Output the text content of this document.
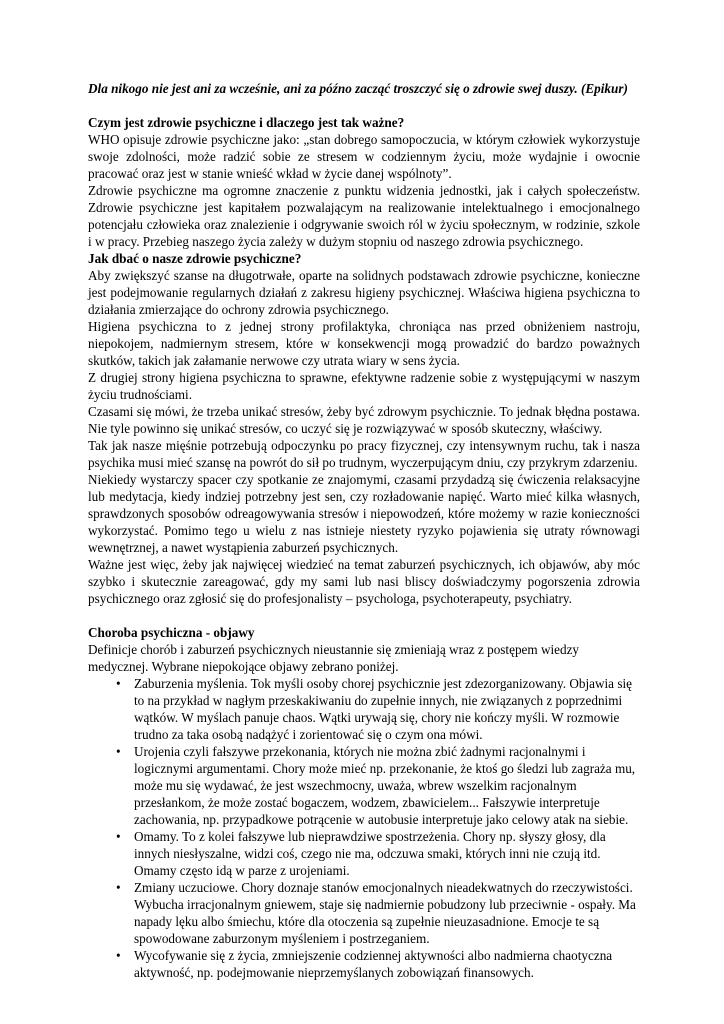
Dla nikogo nie jest ani za wcześnie, ani za późno zacząć troszczyć się o zdrowie swej duszy. (Epikur)
Czym jest zdrowie psychiczne i dlaczego jest tak ważne?

WHO opisuje zdrowie psychiczne jako: „stan dobrego samopoczucia, w którym człowiek wykorzystuje swoje zdolności, może radzić sobie ze stresem w codziennym życiu, może wydajnie i owocnie pracować oraz jest w stanie wnieść wkład w życie danej wspólnoty”.

Zdrowie psychiczne ma ogromne znaczenie z punktu widzenia jednostki, jak i całych społeczeństw. Zdrowie psychiczne jest kapitałem pozwalającym na realizowanie intelektualnego i emocjonalnego potencjału człowieka oraz znalezienie i odgrywanie swoich ról w życiu społecznym, w rodzinie, szkole i w pracy. Przebieg naszego życia zależy w dużym stopniu od naszego zdrowia psychicznego.

Jak dbać o nasze zdrowie psychiczne?

Aby zwiększyć szanse na długotrwałe, oparte na solidnych podstawach zdrowie psychiczne, konieczne jest podejmowanie regularnych działań z zakresu higieny psychicznej. Właściwa higiena psychiczna to działania zmierzające do ochrony zdrowia psychicznego.

Higiena psychiczna to z jednej strony profilaktyka, chroniąca nas przed obniżeniem nastroju, niepokojem, nadmiernym stresem, które w konsekwencji mogą prowadzić do bardzo poważnych skutków, takich jak załamanie nerwowe czy utrata wiary w sens życia.

Z drugiej strony higiena psychiczna to sprawne, efektywne radzenie sobie z występującymi w naszym życiu trudnościami.

Czasami się mówi, że trzeba unikać stresów, żeby być zdrowym psychicznie. To jednak błędna postawa. Nie tyle powinno się unikać stresów, co uczyć się je rozwiązywać w sposób skuteczny, właściwy.

Tak jak nasze mięśnie potrzebują odpoczynku po pracy fizycznej, czy intensywnym ruchu, tak i nasza psychika musi mieć szansę na powrót do sił po trudnym, wyczerpującym dniu, czy przykrym zdarzeniu.

Niekiedy wystarczy spacer czy spotkanie ze znajomymi, czasami przydadzą się ćwiczenia relaksacyjne lub medytacja, kiedy indziej potrzebny jest sen, czy rozładowanie napięć. Warto mieć kilka własnych, sprawdzonych sposobów odreagowywania stresów i niepowodzeń, które możemy w razie konieczności wykorzystać. Pomimo tego u wielu z nas istnieje niestety ryzyko pojawienia się utraty równowagi wewnętrznej, a nawet wystąpienia zaburzeń psychicznych.

Ważne jest więc, żeby jak najwięcej wiedzieć na temat zaburzeń psychicznych, ich objawów, aby móc szybko i skutecznie zareagować, gdy my sami lub nasi bliscy doświadczymy pogorszenia zdrowia psychicznego oraz zgłosić się do profesjonalisty – psychologa, psychoterapeuty, psychiatry.

Choroba psychiczna - objawy

Definicje chorób i zaburzeń psychicznych nieustannie się zmieniają wraz z postępem wiedzy medycznej. Wybrane niepokojące objawy zebrano poniżej.

• Zaburzenia myślenia. Tok myśli osoby chorej psychicznie jest zdezorganizowany. Objawia się to na przykład w nagłym przeskakiwaniu do zupełnie innych, nie związanych z poprzednimi wątków. W myślach panuje chaos. Wątki urywają się, chory nie kończy myśli. W rozmowie trudno za taka osobą nadążyć i zorientować się o czym ona mówi.
• Urojenia czyli fałszywe przekonania, których nie można zbić żadnymi racjonalnymi i logicznymi argumentami. Chory może mieć np. przekonanie, że ktoś go śledzi lub zagraża mu, może mu się wydawać, że jest wszechmocny, uważa, wbrew wszelkim racjonalnym przesłankom, że może zostać bogaczem, wodzem, zbawicielem... Fałszywie interpretuje zachowania, np. przypadkowe potrącenie w autobusie interpretuje jako celowy atak na siebie.
• Omamy. To z kolei fałszywe lub nieprawdziwe spostrzeżenia. Chory np. słyszy głosy, dla innych niesłyszalne, widzi coś, czego nie ma, odczuwa smaki, których inni nie czują itd. Omamy często idą w parze z urojeniami.
• Zmiany uczuciowe. Chory doznaje stanów emocjonalnych nieadekwatnych do rzeczywistości. Wybucha irracjonalnym gniewem, staje się nadmiernie pobudzony lub przeciwnie - ospały. Ma napady lęku albo śmiechu, które dla otoczenia są zupełnie nieuzasadnione. Emocje te są spowodowane zaburzonym myśleniem i postrzeganiem.
• Wycofywanie się z życia, zmniejszenie codziennej aktywności albo nadmierna chaotyczna aktywność, np. podejmowanie nieprzemyślanych zobowiązań finansowych.
